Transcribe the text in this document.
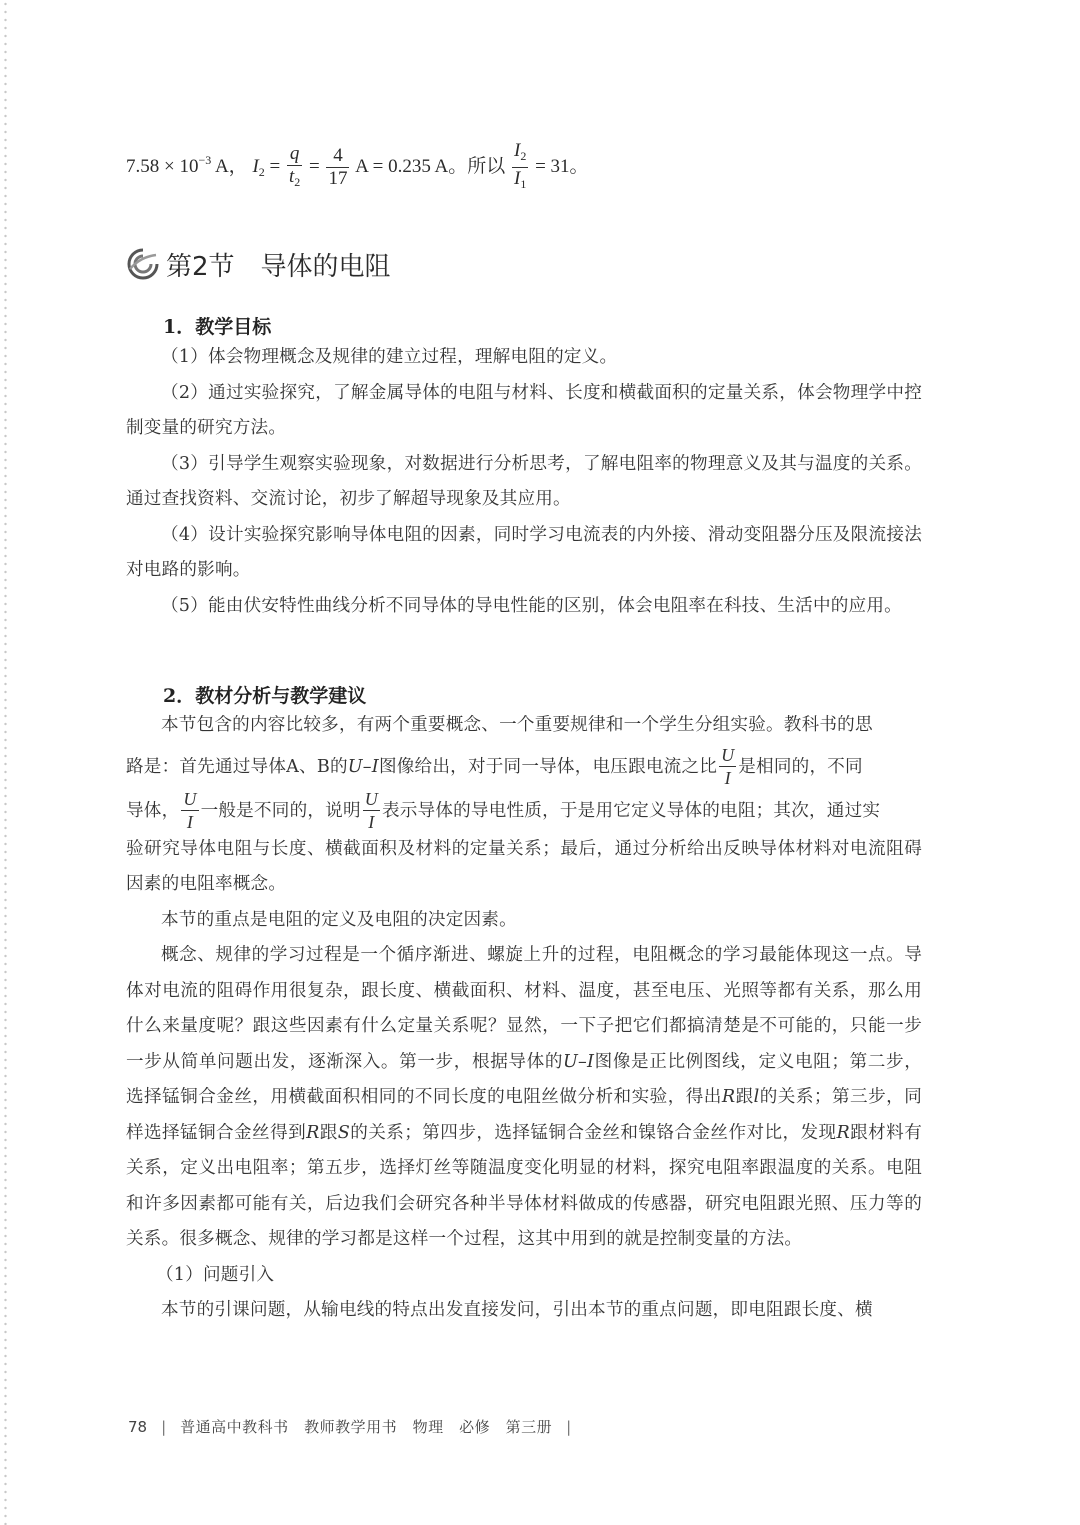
$7.58 \times 10^{-3}$ A， $I_2 = \frac{q}{t_2} = \frac{4}{17}$ A = 0.235 A。所以 $\frac{I_2}{I_1} = 31$。
第2节 导体的电阻
1．教学目标
（1）体会物理概念及规律的建立过程，理解电阻的定义。
（2）通过实验探究，了解金属导体的电阻与材料、长度和横截面积的定量关系，体会物理学中控制变量的研究方法。
（3）引导学生观察实验现象，对数据进行分析思考，了解电阻率的物理意义及其与温度的关系。通过查找资料、交流讨论，初步了解超导现象及其应用。
（4）设计实验探究影响导体电阻的因素，同时学习电流表的内外接、滑动变阻器分压及限流接法对电路的影响。
（5）能由伏安特性曲线分析不同导体的导电性能的区别，体会电阻率在科技、生活中的应用。
2．教材分析与教学建议
本节包含的内容比较多，有两个重要概念、一个重要规律和一个学生分组实验。教科书的思
路是：首先通过导体A、B的U–I图像给出，对于同一导体，电压跟电流之比 $\frac{U}{I}$ 是相同的，不同
导体， $\frac{U}{I}$ 一般是不同的，说明 $\frac{U}{I}$ 表示导体的导电性质，于是用它定义导体的电阻；其次，通过实
验研究导体电阻与长度、横截面积及材料的定量关系；最后，通过分析给出反映导体材料对电流阻碍因素的电阻率概念。
本节的重点是电阻的定义及电阻的决定因素。
概念、规律的学习过程是一个循序渐进、螺旋上升的过程，电阻概念的学习最能体现这一点。导体对电流的阻碍作用很复杂，跟长度、横截面积、材料、温度，甚至电压、光照等都有关系，那么用什么来量度呢？跟这些因素有什么定量关系呢？显然，一下子把它们都搞清楚是不可能的，只能一步一步从简单问题出发，逐渐深入。第一步，根据导体的U–I图像是正比例图线，定义电阻；第二步，选择锰铜合金丝，用横截面积相同的不同长度的电阻丝做分析和实验，得出R跟l的关系；第三步，同样选择锰铜合金丝得到R跟S的关系；第四步，选择锰铜合金丝和镍铬合金丝作对比，发现R跟材料有关系，定义出电阻率；第五步，选择灯丝等随温度变化明显的材料，探究电阻率跟温度的关系。电阻和许多因素都可能有关，后边我们会研究各种半导体材料做成的传感器，研究电阻跟光照、压力等的关系。很多概念、规律的学习都是这样一个过程，这其中用到的就是控制变量的方法。
（1）问题引入
本节的引课问题，从输电线的特点出发直接发问，引出本节的重点问题，即电阻跟长度、横
78 | 普通高中教科书　教师教学用书　物理　必修　第三册 |
